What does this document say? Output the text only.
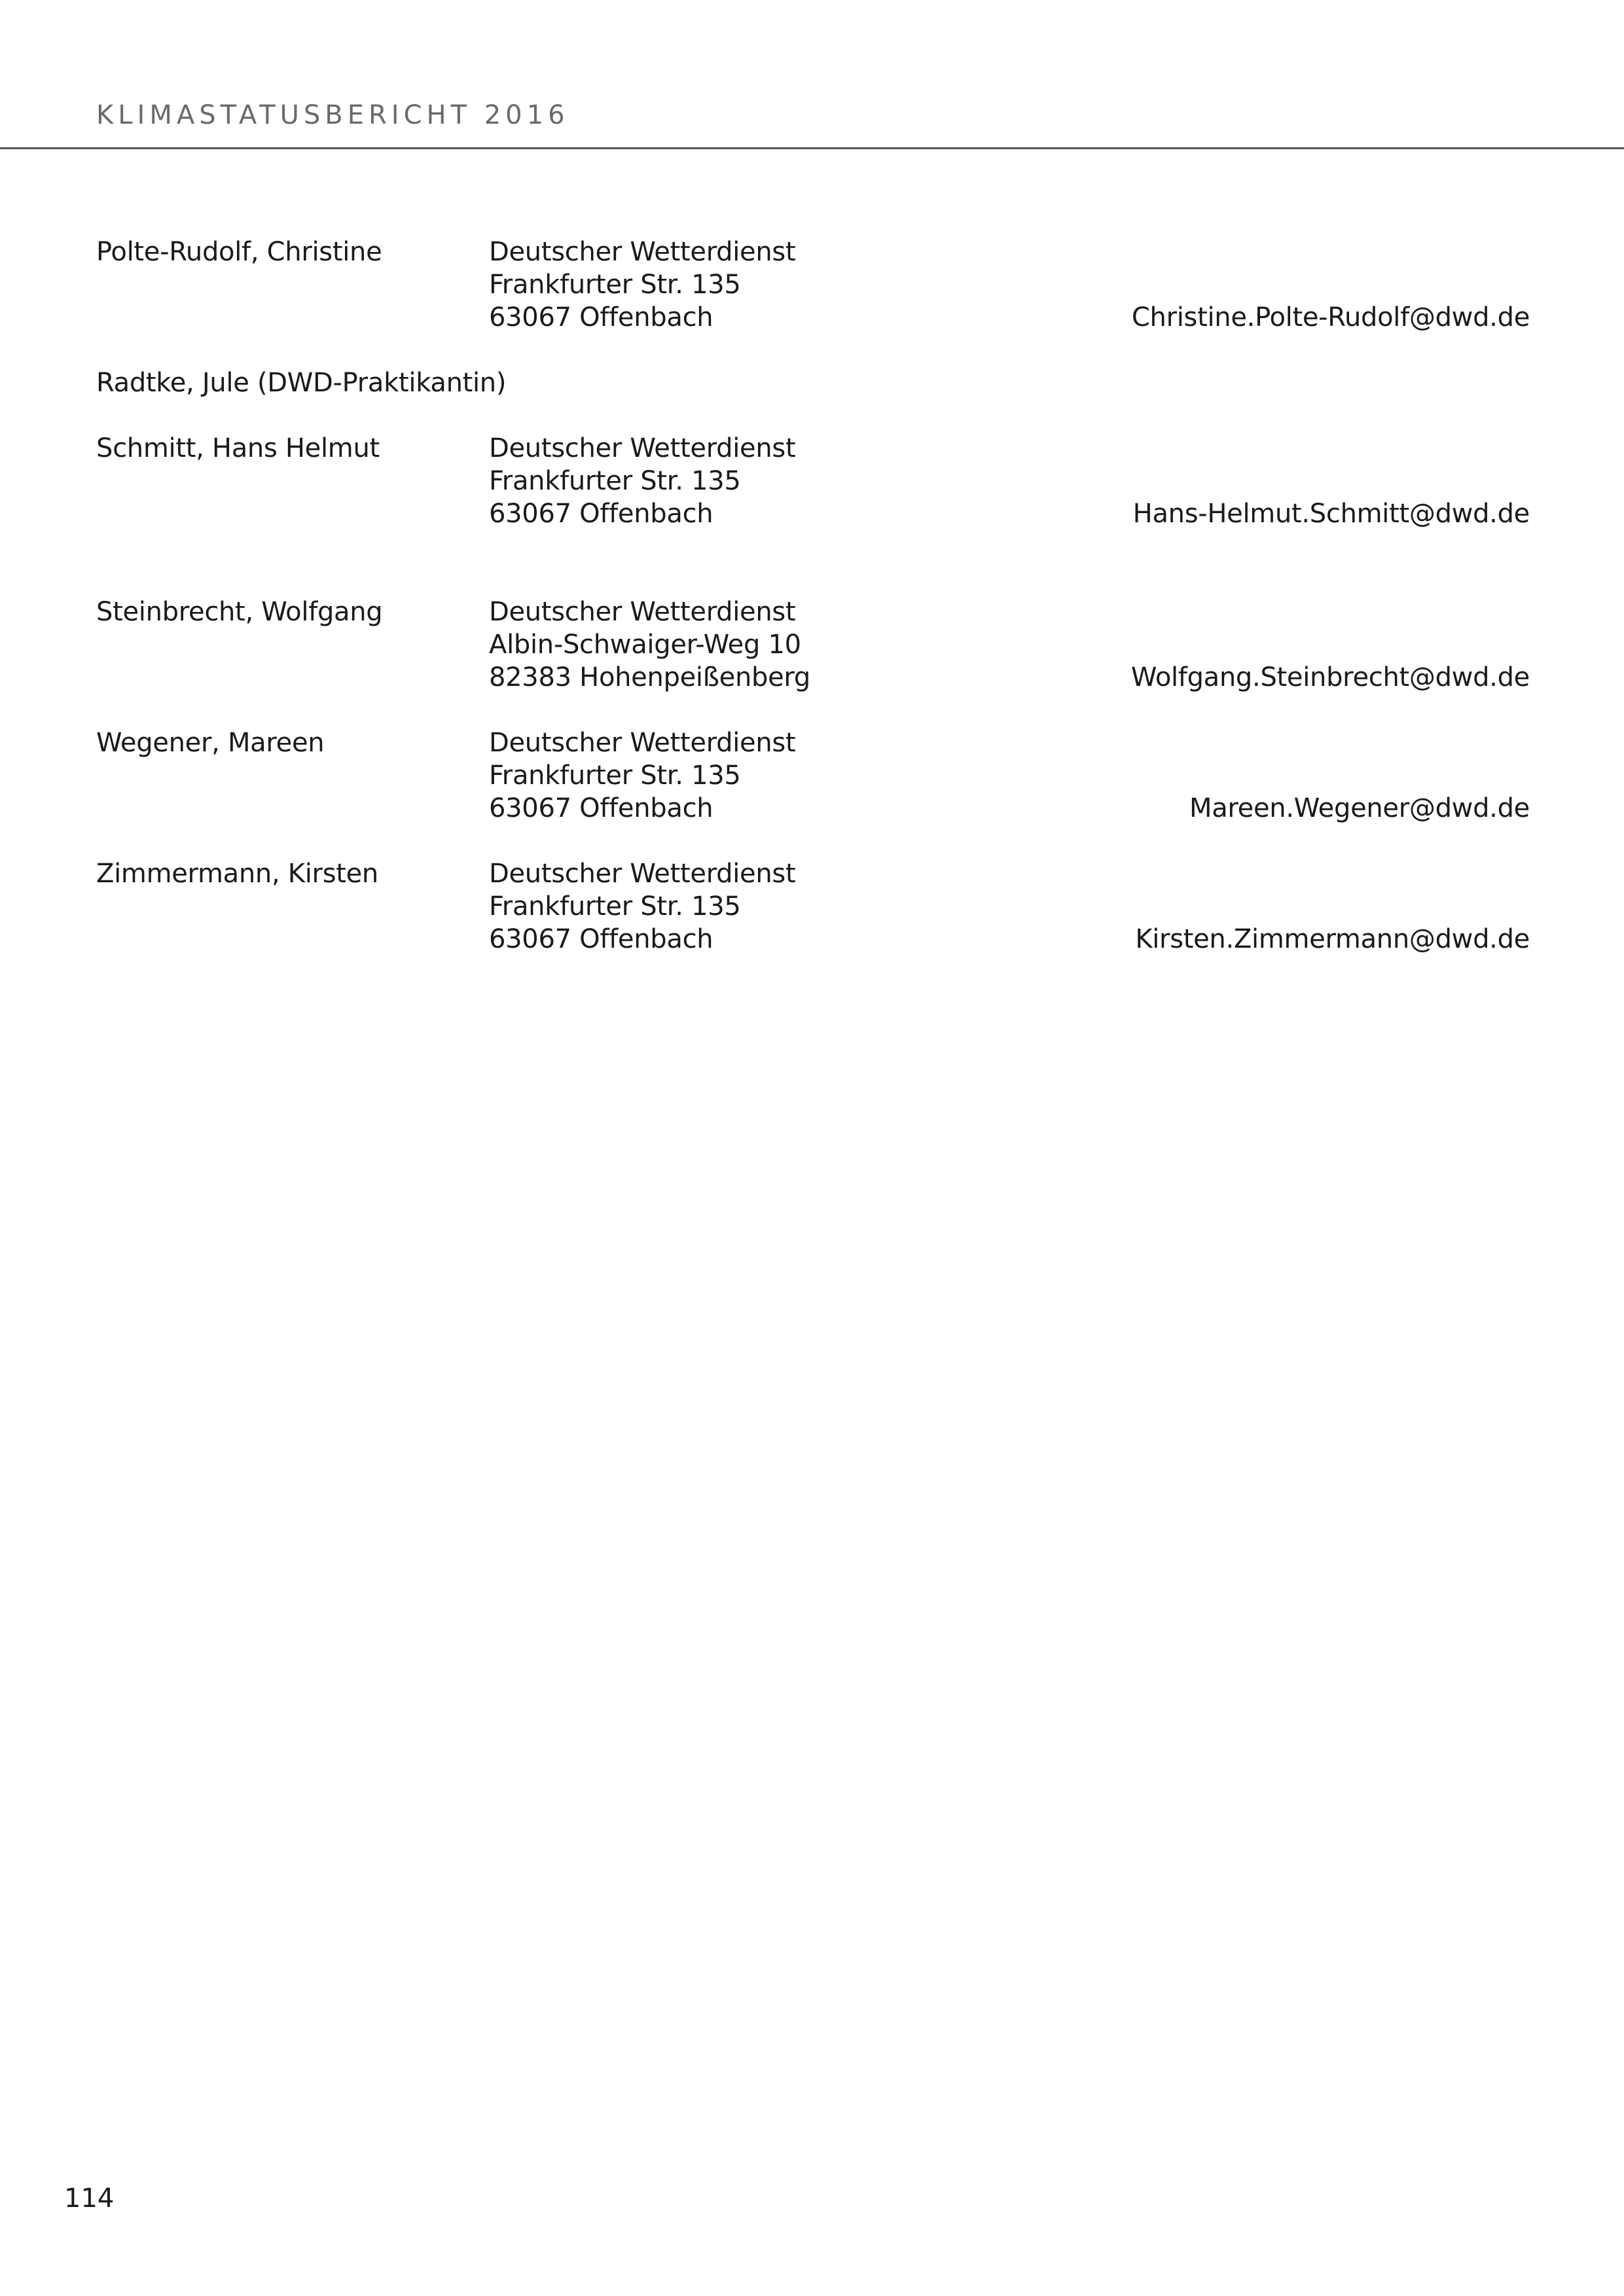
KLIMASTATUSBERICHT 2016
Polte-Rudolf, Christine	Deutscher Wetterdienst
Frankfurter Str. 135
63067 Offenbach	Christine.Polte-Rudolf@dwd.de
Radtke, Jule (DWD-Praktikantin)
Schmitt, Hans Helmut	Deutscher Wetterdienst
Frankfurter Str. 135
63067 Offenbach	Hans-Helmut.Schmitt@dwd.de
Steinbrecht, Wolfgang	Deutscher Wetterdienst
Albin-Schwaiger-Weg 10
82383 Hohenpeißenberg	Wolfgang.Steinbrecht@dwd.de
Wegener, Mareen	Deutscher Wetterdienst
Frankfurter Str. 135
63067 Offenbach	Mareen.Wegener@dwd.de
Zimmermann, Kirsten	Deutscher Wetterdienst
Frankfurter Str. 135
63067 Offenbach	Kirsten.Zimmermann@dwd.de
114
